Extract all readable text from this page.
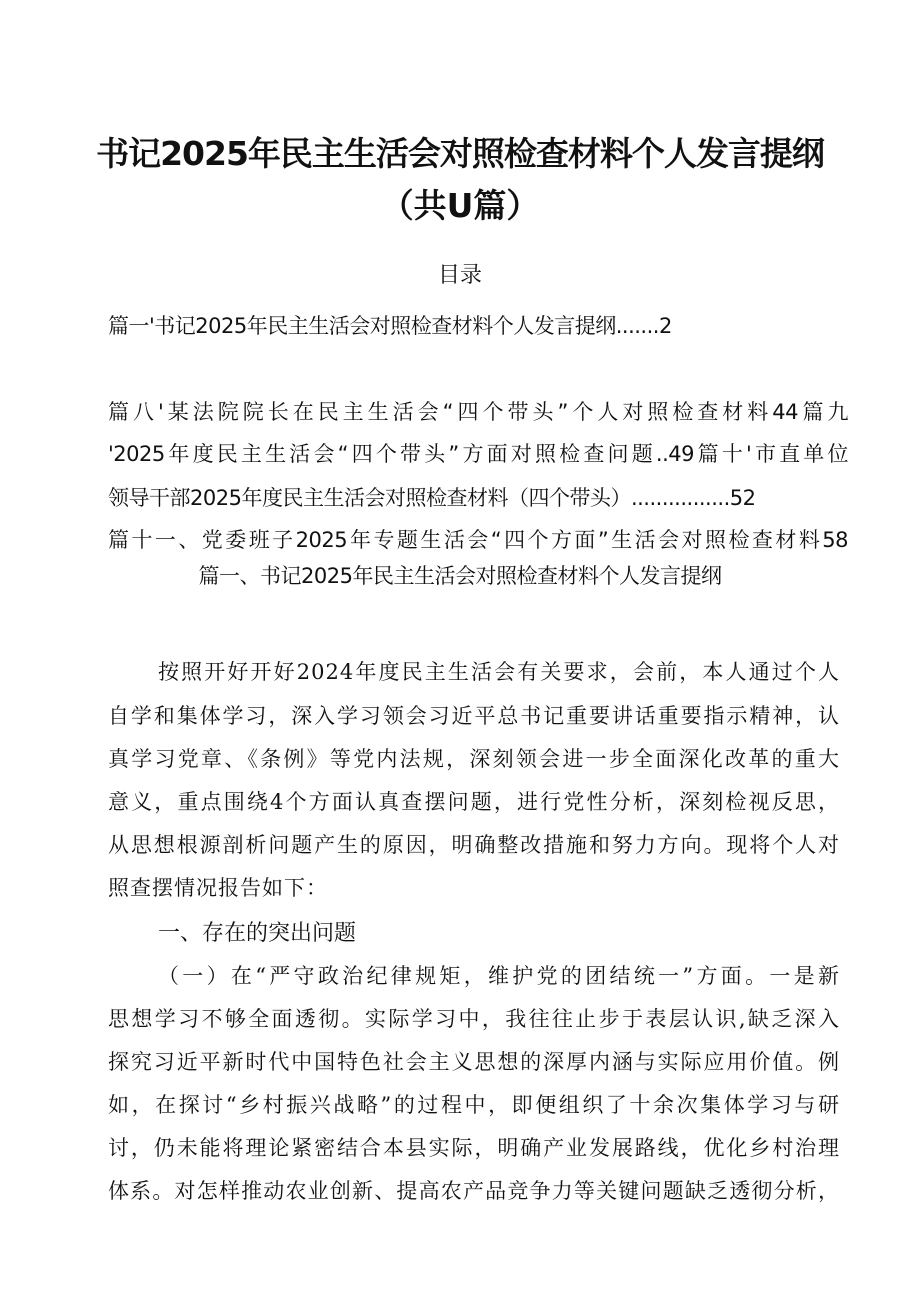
书记2025年民主生活会对照检查材料个人发言提纲
（共U篇）
目录
篇一'书记2025年民主生活会对照检查材料个人发言提纲.......2
篇八'某法院院长在民主生活会“四个带头”个人对照检查材料44篇九
'2025年度民主生活会“四个带头”方面对照检查问题..49篇十'市直单位
领导干部2025年度民主生活会对照检查材料（四个带头）................52
篇十一、党委班子2025年专题生活会“四个方面”生活会对照检查材料58
篇一、书记2025年民主生活会对照检查材料个人发言提纲
按照开好开好2024年度民主生活会有关要求，会前，本人通过个人
自学和集体学习，深入学习领会习近平总书记重要讲话重要指示精神，认
真学习党章、《条例》等党内法规，深刻领会进一步全面深化改革的重大
意义，重点围绕4个方面认真查摆问题，进行党性分析，深刻检视反思，
从思想根源剖析问题产生的原因，明确整改措施和努力方向。现将个人对
照查摆情况报告如下：
一、存在的突出问题
（一）在“严守政治纪律规矩，维护党的团结统一”方面。一是新
思想学习不够全面透彻。实际学习中，我往往止步于表层认识,缺乏深入
探究习近平新时代中国特色社会主义思想的深厚内涵与实际应用价值。例
如，在探讨“乡村振兴战略”的过程中，即便组织了十余次集体学习与研
讨，仍未能将理论紧密结合本县实际，明确产业发展路线，优化乡村治理
体系。对怎样推动农业创新、提高农产品竞争力等关键问题缺乏透彻分析，
